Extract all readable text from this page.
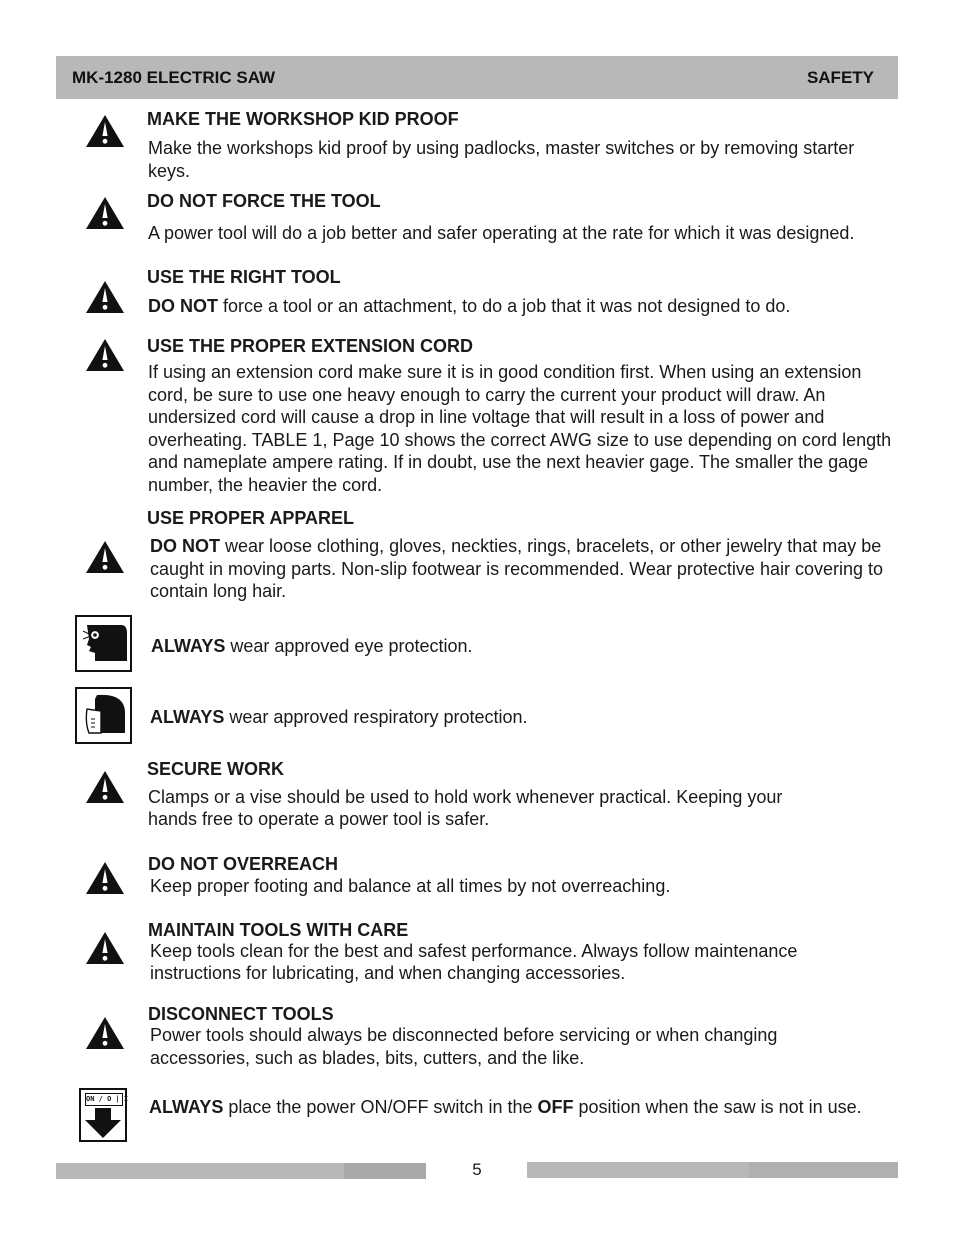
MK-1280 ELECTRIC SAW	SAFETY

MAKE THE WORKSHOP KID PROOF

Make the workshops kid proof by using padlocks, master switches or by removing starter keys.

DO NOT FORCE THE TOOL

A power tool will do a job better and safer operating at the rate for which it was designed.

USE THE RIGHT TOOL

DO NOT force a tool or an attachment, to do a job that it was not designed to do.

USE THE PROPER EXTENSION CORD

If using an extension cord make sure it is in good condition first. When using an extension cord, be sure to use one heavy enough to carry the current your product will draw. An undersized cord will cause a drop in line voltage that will result in a loss of power and overheating. TABLE 1, Page 10 shows the correct AWG size to use depending on cord length and nameplate ampere rating. If in doubt, use the next heavier gage. The smaller the gage number, the heavier the cord.

USE PROPER APPAREL

DO NOT wear loose clothing, gloves, neckties, rings, bracelets, or other jewelry that may be caught in moving parts. Non-slip footwear is recommended. Wear protective hair covering to contain long hair.

ALWAYS wear approved eye protection.

ALWAYS wear approved respiratory protection.

SECURE WORK

Clamps or a vise should be used to hold work whenever practical. Keeping your

hands free to operate a power tool is safer.

DO NOT OVERREACH

Keep proper footing and balance at all times by not overreaching.

MAINTAIN TOOLS WITH CARE

Keep tools clean for the best and safest performance. Always follow maintenance

instructions for lubricating, and when changing accessories.

DISCONNECT TOOLS

Power tools should always be disconnected before servicing or when changing

accessories, such as blades, bits, cutters, and the like.

ON / O | I ALWAYS place the power ON/OFF switch in the OFF position when the saw is not in use.

5
